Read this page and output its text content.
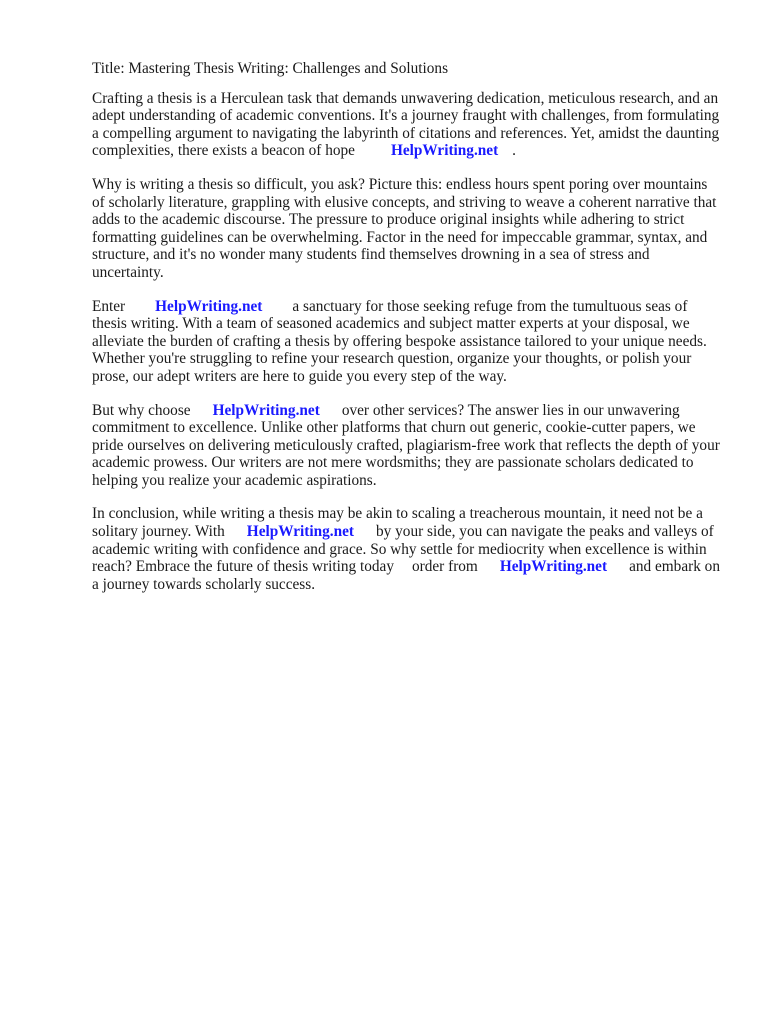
Title: Mastering Thesis Writing: Challenges and Solutions

Crafting a thesis is a Herculean task that demands unwavering dedication, meticulous research, and an adept understanding of academic conventions. It's a journey fraught with challenges, from formulating a compelling argument to navigating the labyrinth of citations and references. Yet, amidst the daunting complexities, there exists a beacon of hope HelpWriting.net .

Why is writing a thesis so difficult, you ask? Picture this: endless hours spent poring over mountains of scholarly literature, grappling with elusive concepts, and striving to weave a coherent narrative that adds to the academic discourse. The pressure to produce original insights while adhering to strict formatting guidelines can be overwhelming. Factor in the need for impeccable grammar, syntax, and structure, and it's no wonder many students find themselves drowning in a sea of stress and uncertainty.

Enter HelpWriting.net a sanctuary for those seeking refuge from the tumultuous seas of thesis writing. With a team of seasoned academics and subject matter experts at your disposal, we alleviate the burden of crafting a thesis by offering bespoke assistance tailored to your unique needs. Whether you're struggling to refine your research question, organize your thoughts, or polish your prose, our adept writers are here to guide you every step of the way.

But why choose HelpWriting.net over other services? The answer lies in our unwavering commitment to excellence. Unlike other platforms that churn out generic, cookie-cutter papers, we pride ourselves on delivering meticulously crafted, plagiarism-free work that reflects the depth of your academic prowess. Our writers are not mere wordsmiths; they are passionate scholars dedicated to helping you realize your academic aspirations.

In conclusion, while writing a thesis may be akin to scaling a treacherous mountain, it need not be a solitary journey. With HelpWriting.net by your side, you can navigate the peaks and valleys of academic writing with confidence and grace. So why settle for mediocrity when excellence is within reach? Embrace the future of thesis writing today order from HelpWriting.net and embark on a journey towards scholarly success.
